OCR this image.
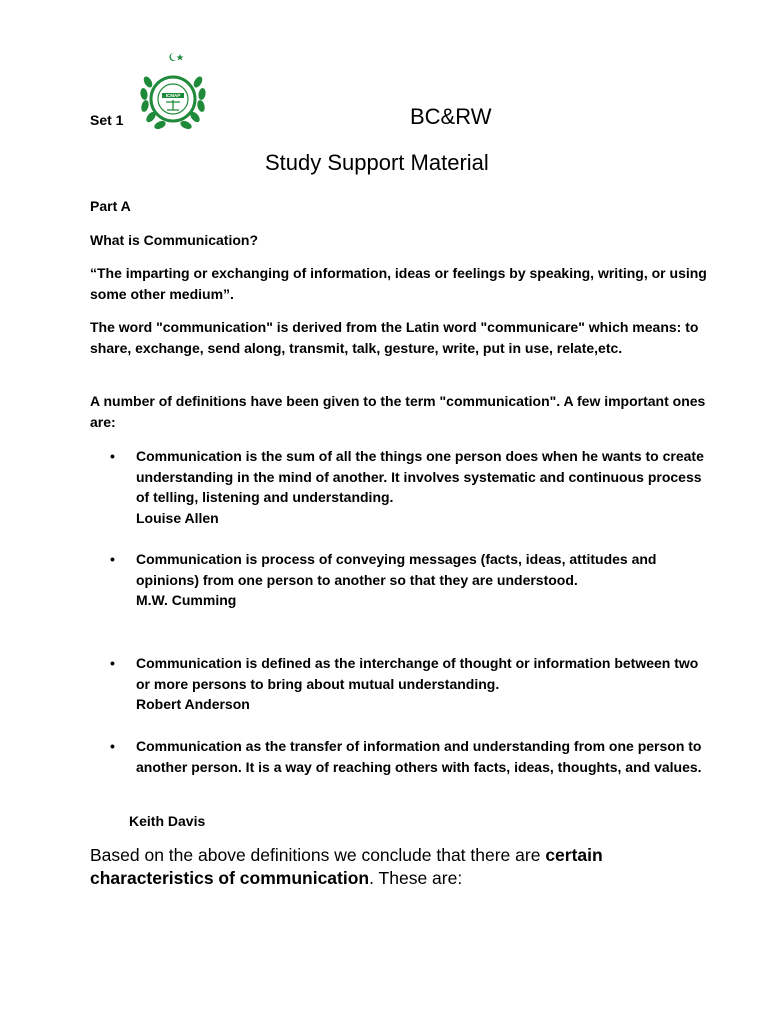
ICMAP
Set 1	BC&RW
Study Support Material
Part A
What is Communication?
“The imparting or exchanging of information, ideas or feelings by speaking, writing, or using some other medium”.
The word "communication" is derived from the Latin word "communicare" which means: to share, exchange, send along, transmit, talk, gesture, write, put in use, relate,etc.
A number of definitions have been given to the term "communication". A few important ones are:
• Communication is the sum of all the things one person does when he wants to create understanding in the mind of another. It involves systematic and continuous process of telling, listening and understanding.
Louise Allen
• Communication is process of conveying messages (facts, ideas, attitudes and opinions) from one person to another so that they are understood.
M.W. Cumming
• Communication is defined as the interchange of thought or information between two or more persons to bring about mutual understanding.
Robert Anderson
• Communication as the transfer of information and understanding from one person to another person. It is a way of reaching others with facts, ideas, thoughts, and values.
Keith Davis
Based on the above definitions we conclude that there are certain characteristics of communication. These are:
